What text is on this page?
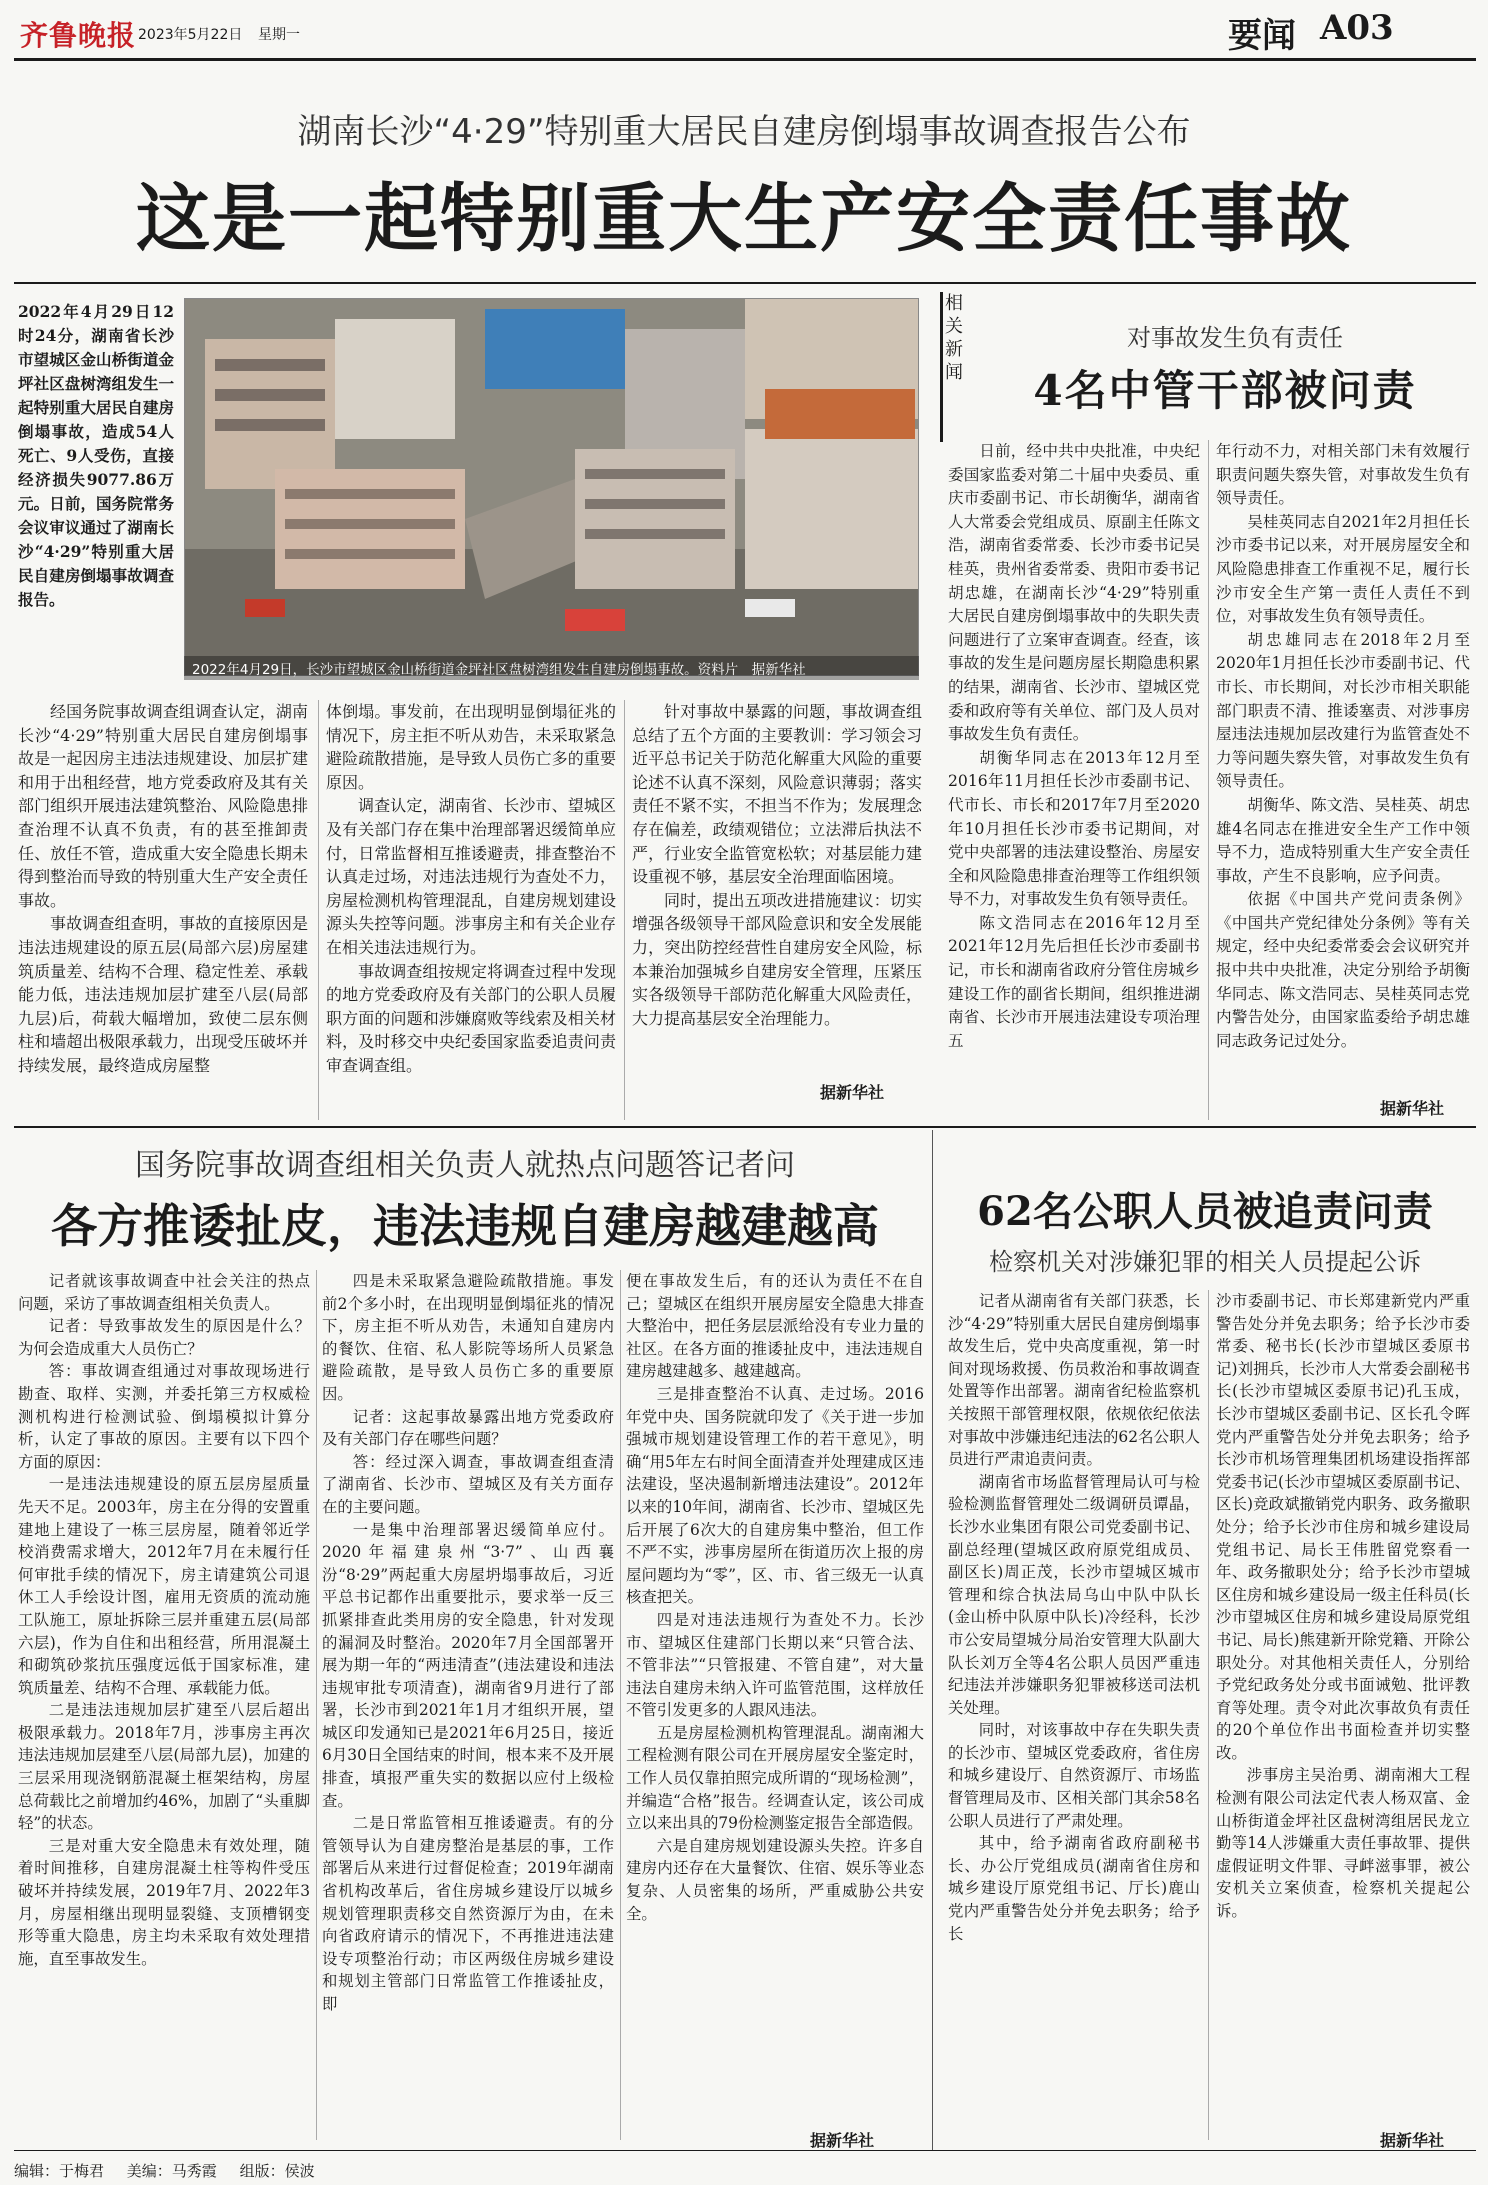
齐鲁晚报 2023年5月22日 星期一	要闻 A03
湖南长沙“4·29”特别重大居民自建房倒塌事故调查报告公布
这是一起特别重大生产安全责任事故
2022年4月29日12时24分，湖南省长沙市望城区金山桥街道金坪社区盘树湾组发生一起特别重大居民自建房倒塌事故，造成54人死亡、9人受伤，直接经济损失9077.86万元。日前，国务院常务会议审议通过了湖南长沙“4·29”特别重大居民自建房倒塌事故调查报告。
2022年4月29日，长沙市望城区金山桥街道金坪社区盘树湾组发生自建房倒塌事故。资料片　据新华社

经国务院事故调查组调查认定，湖南长沙“4·29”特别重大居民自建房倒塌事故是一起因房主违法违规建设、加层扩建和用于出租经营，地方党委政府及其有关部门组织开展违法建筑整治、风险隐患排查治理不认真不负责，有的甚至推卸责任、放任不管，造成重大安全隐患长期未得到整治而导致的特别重大生产安全责任事故。

事故调查组查明，事故的直接原因是违法违规建设的原五层(局部六层)房屋建筑质量差、结构不合理、稳定性差、承载能力低，违法违规加层扩建至八层(局部九层)后，荷载大幅增加，致使二层东侧柱和墙超出极限承载力，出现受压破坏并持续发展，最终造成房屋整

体倒塌。事发前，在出现明显倒塌征兆的情况下，房主拒不听从劝告，未采取紧急避险疏散措施，是导致人员伤亡多的重要原因。

调查认定，湖南省、长沙市、望城区及有关部门存在集中治理部署迟缓简单应付，日常监督相互推诿避责，排查整治不认真走过场，对违法违规行为查处不力，房屋检测机构管理混乱，自建房规划建设源头失控等问题。涉事房主和有关企业存在相关违法违规行为。

事故调查组按规定将调查过程中发现的地方党委政府及有关部门的公职人员履职方面的问题和涉嫌腐败等线索及相关材料，及时移交中央纪委国家监委追责问责审查调查组。

针对事故中暴露的问题，事故调查组总结了五个方面的主要教训：学习领会习近平总书记关于防范化解重大风险的重要论述不认真不深刻，风险意识薄弱；落实责任不紧不实，不担当不作为；发展理念存在偏差，政绩观错位；立法滞后执法不严，行业安全监管宽松软；对基层能力建设重视不够，基层安全治理面临困境。

同时，提出五项改进措施建议：切实增强各级领导干部风险意识和安全发展能力，突出防控经营性自建房安全风险，标本兼治加强城乡自建房安全管理，压紧压实各级领导干部防范化解重大风险责任，大力提高基层安全治理能力。

据新华社
相关新闻
对事故发生负有责任
4名中管干部被问责

日前，经中共中央批准，中央纪委国家监委对第二十届中央委员、重庆市委副书记、市长胡衡华，湖南省人大常委会党组成员、原副主任陈文浩，湖南省委常委、长沙市委书记吴桂英，贵州省委常委、贵阳市委书记胡忠雄，在湖南长沙“4·29”特别重大居民自建房倒塌事故中的失职失责问题进行了立案审查调查。经查，该事故的发生是问题房屋长期隐患积累的结果，湖南省、长沙市、望城区党委和政府等有关单位、部门及人员对事故发生负有责任。

胡衡华同志在2013年12月至2016年11月担任长沙市委副书记、代市长、市长和2017年7月至2020年10月担任长沙市委书记期间，对党中央部署的违法建设整治、房屋安全和风险隐患排查治理等工作组织领导不力，对事故发生负有领导责任。

陈文浩同志在2016年12月至2021年12月先后担任长沙市委副书记，市长和湖南省政府分管住房城乡建设工作的副省长期间，组织推进湖南省、长沙市开展违法建设专项治理五

年行动不力，对相关部门未有效履行职责问题失察失管，对事故发生负有领导责任。

吴桂英同志自2021年2月担任长沙市委书记以来，对开展房屋安全和风险隐患排查工作重视不足，履行长沙市安全生产第一责任人责任不到位，对事故发生负有领导责任。

胡忠雄同志在2018年2月至2020年1月担任长沙市委副书记、代市长、市长期间，对长沙市相关职能部门职责不清、推诿塞责、对涉事房屋违法违规加层改建行为监管查处不力等问题失察失管，对事故发生负有领导责任。

胡衡华、陈文浩、吴桂英、胡忠雄4名同志在推进安全生产工作中领导不力，造成特别重大生产安全责任事故，产生不良影响，应予问责。

依据《中国共产党问责条例》《中国共产党纪律处分条例》等有关规定，经中央纪委常委会会议研究并报中共中央批准，决定分别给予胡衡华同志、陈文浩同志、吴桂英同志党内警告处分，由国家监委给予胡忠雄同志政务记过处分。

据新华社
国务院事故调查组相关负责人就热点问题答记者问
各方推诿扯皮，违法违规自建房越建越高

记者就该事故调查中社会关注的热点问题，采访了事故调查组相关负责人。

记者：导致事故发生的原因是什么？为何会造成重大人员伤亡？

答：事故调查组通过对事故现场进行勘查、取样、实测，并委托第三方权威检测机构进行检测试验、倒塌模拟计算分析，认定了事故的原因。主要有以下四个方面的原因：

一是违法违规建设的原五层房屋质量先天不足。2003年，房主在分得的安置重建地上建设了一栋三层房屋，随着邻近学校消费需求增大，2012年7月在未履行任何审批手续的情况下，房主请建筑公司退休工人手绘设计图，雇用无资质的流动施工队施工，原址拆除三层并重建五层(局部六层)，作为自住和出租经营，所用混凝土和砌筑砂浆抗压强度远低于国家标准，建筑质量差、结构不合理、承载能力低。

二是违法违规加层扩建至八层后超出极限承载力。2018年7月，涉事房主再次违法违规加层建至八层(局部九层)，加建的三层采用现浇钢筋混凝土框架结构，房屋总荷载比之前增加约46%，加剧了“头重脚轻”的状态。

三是对重大安全隐患未有效处理，随着时间推移，自建房混凝土柱等构件受压破坏并持续发展，2019年7月、2022年3月，房屋相继出现明显裂缝、支顶槽钢变形等重大隐患，房主均未采取有效处理措施，直至事故发生。

四是未采取紧急避险疏散措施。事发前2个多小时，在出现明显倒塌征兆的情况下，房主拒不听从劝告，未通知自建房内的餐饮、住宿、私人影院等场所人员紧急避险疏散，是导致人员伤亡多的重要原因。

记者：这起事故暴露出地方党委政府及有关部门存在哪些问题？

答：经过深入调查，事故调查组查清了湖南省、长沙市、望城区及有关方面存在的主要问题。

一是集中治理部署迟缓简单应付。2020年福建泉州“3·7”、山西襄汾“8·29”两起重大房屋坍塌事故后，习近平总书记都作出重要批示，要求举一反三抓紧排查此类用房的安全隐患，针对发现的漏洞及时整治。2020年7月全国部署开展为期一年的“两违清查”(违法建设和违法违规审批专项清查)，湖南省9月进行了部署，长沙市到2021年1月才组织开展，望城区印发通知已是2021年6月25日，接近6月30日全国结束的时间，根本来不及开展排查，填报严重失实的数据以应付上级检查。

二是日常监管相互推诿避责。有的分管领导认为自建房整治是基层的事，工作部署后从来进行过督促检查；2019年湖南省机构改革后，省住房城乡建设厅以城乡规划管理职责移交自然资源厅为由，在未向省政府请示的情况下，不再推进违法建设专项整治行动；市区两级住房城乡建设和规划主管部门日常监管工作推诿扯皮，即

便在事故发生后，有的还认为责任不在自己；望城区在组织开展房屋安全隐患大排查大整治中，把任务层层派给没有专业力量的社区。在各方面的推诿扯皮中，违法违规自建房越建越多、越建越高。

三是排查整治不认真、走过场。2016年党中央、国务院就印发了《关于进一步加强城市规划建设管理工作的若干意见》，明确“用5年左右时间全面清查并处理建成区违法建设，坚决遏制新增违法建设”。2012年以来的10年间，湖南省、长沙市、望城区先后开展了6次大的自建房集中整治，但工作不严不实，涉事房屋所在街道历次上报的房屋问题均为“零”，区、市、省三级无一认真核查把关。

四是对违法违规行为查处不力。长沙市、望城区住建部门长期以来“只管合法、不管非法”“只管报建、不管自建”，对大量违法自建房未纳入许可监管范围，这样放任不管引发更多的人跟风违法。

五是房屋检测机构管理混乱。湖南湘大工程检测有限公司在开展房屋安全鉴定时，工作人员仅靠拍照完成所谓的“现场检测”，并编造“合格”报告。经调查认定，该公司成立以来出具的79份检测鉴定报告全部造假。

六是自建房规划建设源头失控。许多自建房内还存在大量餐饮、住宿、娱乐等业态复杂、人员密集的场所，严重威胁公共安全。

据新华社
62名公职人员被追责问责
检察机关对涉嫌犯罪的相关人员提起公诉

记者从湖南省有关部门获悉，长沙“4·29”特别重大居民自建房倒塌事故发生后，党中央高度重视，第一时间对现场救援、伤员救治和事故调查处置等作出部署。湖南省纪检监察机关按照干部管理权限，依规依纪依法对事故中涉嫌违纪违法的62名公职人员进行严肃追责问责。

湖南省市场监督管理局认可与检验检测监督管理处二级调研员谭晶，长沙水业集团有限公司党委副书记、副总经理(望城区政府原党组成员、副区长)周正茂，长沙市望城区城市管理和综合执法局乌山中队中队长(金山桥中队原中队长)冷经科，长沙市公安局望城分局治安管理大队副大队长刘万全等4名公职人员因严重违纪违法并涉嫌职务犯罪被移送司法机关处理。

同时，对该事故中存在失职失责的长沙市、望城区党委政府，省住房和城乡建设厅、自然资源厅、市场监督管理局及市、区相关部门其余58名公职人员进行了严肃处理。

其中，给予湖南省政府副秘书长、办公厅党组成员(湖南省住房和城乡建设厅原党组书记、厅长)鹿山党内严重警告处分并免去职务；给予长

沙市委副书记、市长郑建新党内严重警告处分并免去职务；给予长沙市委常委、秘书长(长沙市望城区委原书记)刘拥兵，长沙市人大常委会副秘书长(长沙市望城区委原书记)孔玉成，长沙市望城区委副书记、区长孔令晖党内严重警告处分并免去职务；给予长沙市机场管理集团机场建设指挥部党委书记(长沙市望城区委原副书记、区长)竞政斌撤销党内职务、政务撤职处分；给予长沙市住房和城乡建设局党组书记、局长王伟胜留党察看一年、政务撤职处分；给予长沙市望城区住房和城乡建设局一级主任科员(长沙市望城区住房和城乡建设局原党组书记、局长)熊建新开除党籍、开除公职处分。对其他相关责任人，分别给予党纪政务处分或书面诫勉、批评教育等处理。责令对此次事故负有责任的20个单位作出书面检查并切实整改。

涉事房主吴治勇、湖南湘大工程检测有限公司法定代表人杨双富、金山桥街道金坪社区盘树湾组居民龙立勤等14人涉嫌重大责任事故罪、提供虚假证明文件罪、寻衅滋事罪，被公安机关立案侦查，检察机关提起公诉。

据新华社
编辑：于梅君 美编：马秀霞 组版：侯波
